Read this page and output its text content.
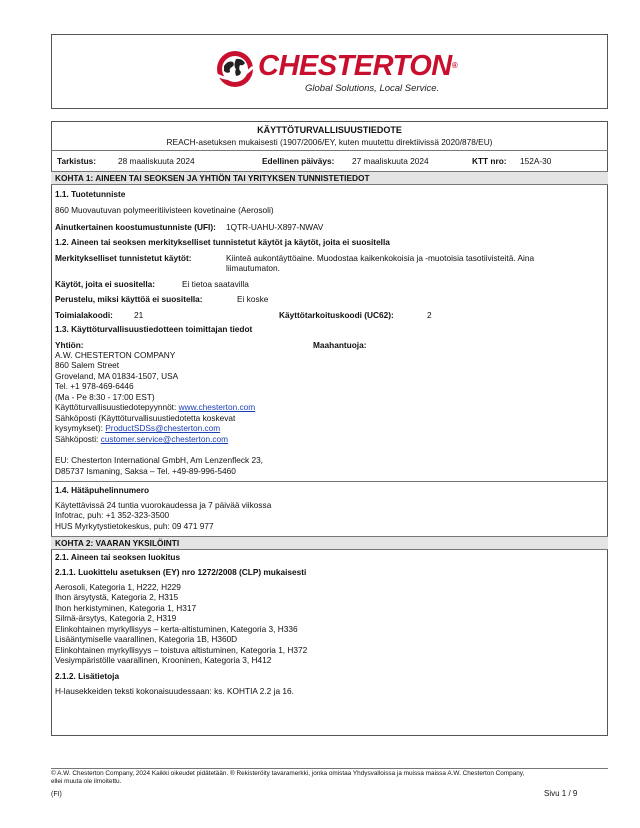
CHESTERTON®
Global Solutions, Local Service.
KÄYTTÖTURVALLISUUSTIEDOTE
REACH-asetuksen mukaisesti (1907/2006/EY, kuten muutettu direktiivissä 2020/878/EU)
Tarkistus:	28 maaliskuuta 2024	Edellinen päiväys: 27 maaliskuuta 2024	KTT nro: 152A-30
KOHTA 1: AINEEN TAI SEOKSEN JA YHTIÖN TAI YRITYKSEN TUNNISTETIEDOT
1.1. Tuotetunniste
860 Muovautuvan polymeeritiivisteen kovetinaine (Aerosoli)
Ainutkertainen koostumustunniste (UFI): 1QTR-UAHU-X897-NWAV
1.2. Aineen tai seoksen merkitykselliset tunnistetut käytöt ja käytöt, joita ei suositella
Merkitykselliset tunnistetut käytöt:	Kiinteä aukontäyttöaine. Muodostaa kaikenkokoisia ja -muotoisia tasotiivisteitä. Aina
liimautumaton.
Käytöt, joita ei suositella:	Ei tietoa saatavilla
Perustelu, miksi käyttöä ei suositella:	Ei koske
Toimialakoodi:	21	Käyttötarkoituskoodi (UC62):	2
1.3. Käyttöturvallisuustiedotteen toimittajan tiedot
Yhtiön:	Maahantuoja:
A.W. CHESTERTON COMPANY
860 Salem Street
Groveland, MA 01834-1507, USA
Tel. +1 978-469-6446
(Ma - Pe 8:30 - 17:00 EST)
Käyttöturvallisuustiedotepyynnöt: www.chesterton.com
Sähköposti (Käyttöturvallisuustiedotetta koskevat
kysymykset): ProductSDSs@chesterton.com
Sähköposti: customer.service@chesterton.com
EU: Chesterton International GmbH, Am Lenzenfleck 23,
D85737 Ismaning, Saksa – Tel. +49-89-996-5460
1.4. Hätäpuhelinnumero
Käytettävissä 24 tuntia vuorokaudessa ja 7 päivää viikossa
Infotrac, puh: +1 352-323-3500
HUS Myrkytystietokeskus, puh: 09 471 977
KOHTA 2: VAARAN YKSILÖINTI
2.1. Aineen tai seoksen luokitus
2.1.1. Luokittelu asetuksen (EY) nro 1272/2008 (CLP) mukaisesti
Aerosoli, Kategoria 1, H222, H229
Ihon ärsytystä, Kategoria 2, H315
Ihon herkistyminen, Kategoria 1, H317
Silmä-ärsytys, Kategoria 2, H319
Elinkohtainen myrkyllisyys – kerta-altistuminen, Kategoria 3, H336
Lisääntymiselle vaarallinen, Kategoria 1B, H360D
Elinkohtainen myrkyllisyys – toistuva altistuminen, Kategoria 1, H372
Vesiympäristölle vaarallinen, Krooninen, Kategoria 3, H412
2.1.2. Lisätietoja
H-lausekkeiden teksti kokonaisuudessaan: ks. KOHTIA 2.2 ja 16.
© A.W. Chesterton Company, 2024 Kaikki oikeudet pidätetään. ® Rekisteröity tavaramerkki, jonka omistaa Yhdysvalloissa ja muissa maissa A.W. Chesterton Company,
ellei muuta ole ilmoitettu.
(FI)	Sivu 1 / 9
